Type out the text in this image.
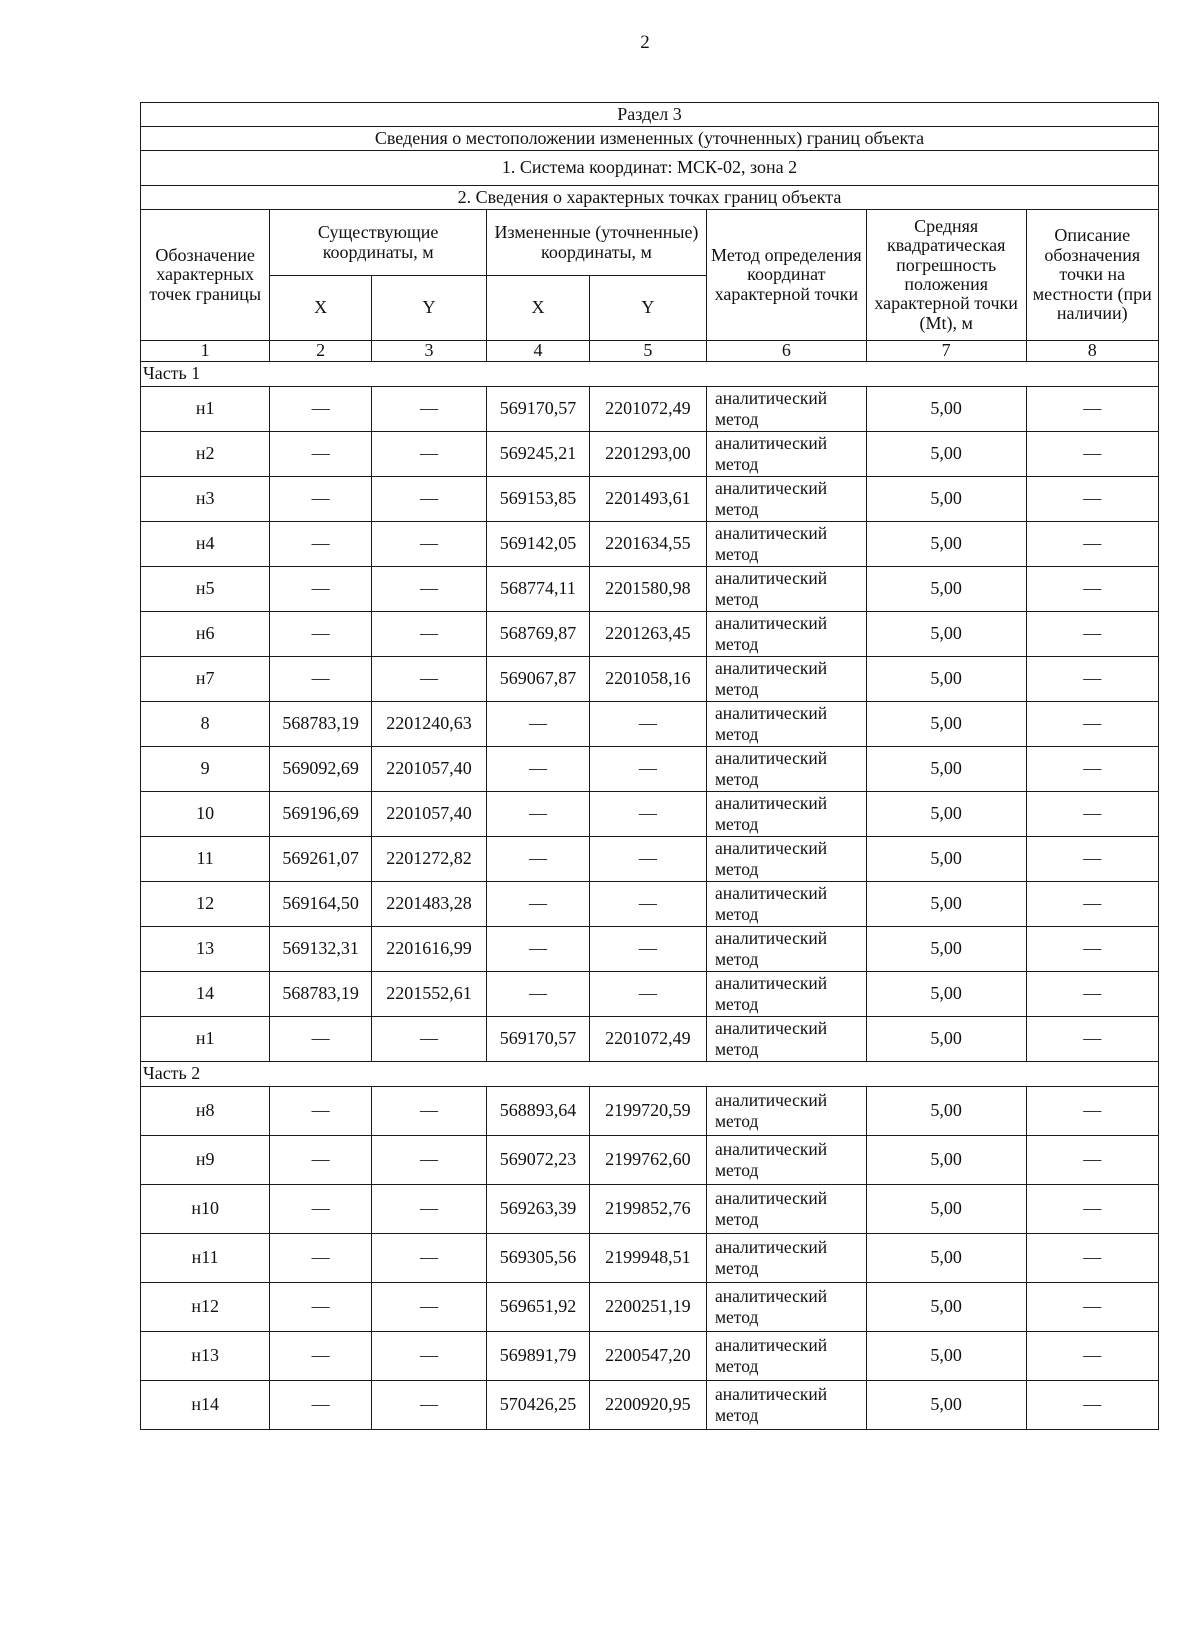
2
Раздел 3							
Сведения о местоположении измененных (уточненных) границ объекта							
1. Система координат: МСК-02, зона 2							
2. Сведения о характерных точках границ объекта							
Обозначение характерных точек границы	Существующие координаты, м		Измененные (уточненные) координаты, м		Метод определения координат характерной точки	Средняя квадратическая погрешность положения характерной точки (Mt), м	Описание обозначения точки на местности (при наличии)
	X	Y	X	Y			
1	2	3	4	5	6	7	8
Часть 1							
н1	—	—	569170,57	2201072,49	аналитический метод	5,00	—
н2	—	—	569245,21	2201293,00	аналитический метод	5,00	—
н3	—	—	569153,85	2201493,61	аналитический метод	5,00	—
н4	—	—	569142,05	2201634,55	аналитический метод	5,00	—
н5	—	—	568774,11	2201580,98	аналитический метод	5,00	—
н6	—	—	568769,87	2201263,45	аналитический метод	5,00	—
н7	—	—	569067,87	2201058,16	аналитический метод	5,00	—
8	568783,19	2201240,63	—	—	аналитический метод	5,00	—
9	569092,69	2201057,40	—	—	аналитический метод	5,00	—
10	569196,69	2201057,40	—	—	аналитический метод	5,00	—
11	569261,07	2201272,82	—	—	аналитический метод	5,00	—
12	569164,50	2201483,28	—	—	аналитический метод	5,00	—
13	569132,31	2201616,99	—	—	аналитический метод	5,00	—
14	568783,19	2201552,61	—	—	аналитический метод	5,00	—
н1	—	—	569170,57	2201072,49	аналитический метод	5,00	—
Часть 2							
н8	—	—	568893,64	2199720,59	аналитический метод	5,00	—
н9	—	—	569072,23	2199762,60	аналитический метод	5,00	—
н10	—	—	569263,39	2199852,76	аналитический метод	5,00	—
н11	—	—	569305,56	2199948,51	аналитический метод	5,00	—
н12	—	—	569651,92	2200251,19	аналитический метод	5,00	—
н13	—	—	569891,79	2200547,20	аналитический метод	5,00	—
н14	—	—	570426,25	2200920,95	аналитический метод	5,00	—
